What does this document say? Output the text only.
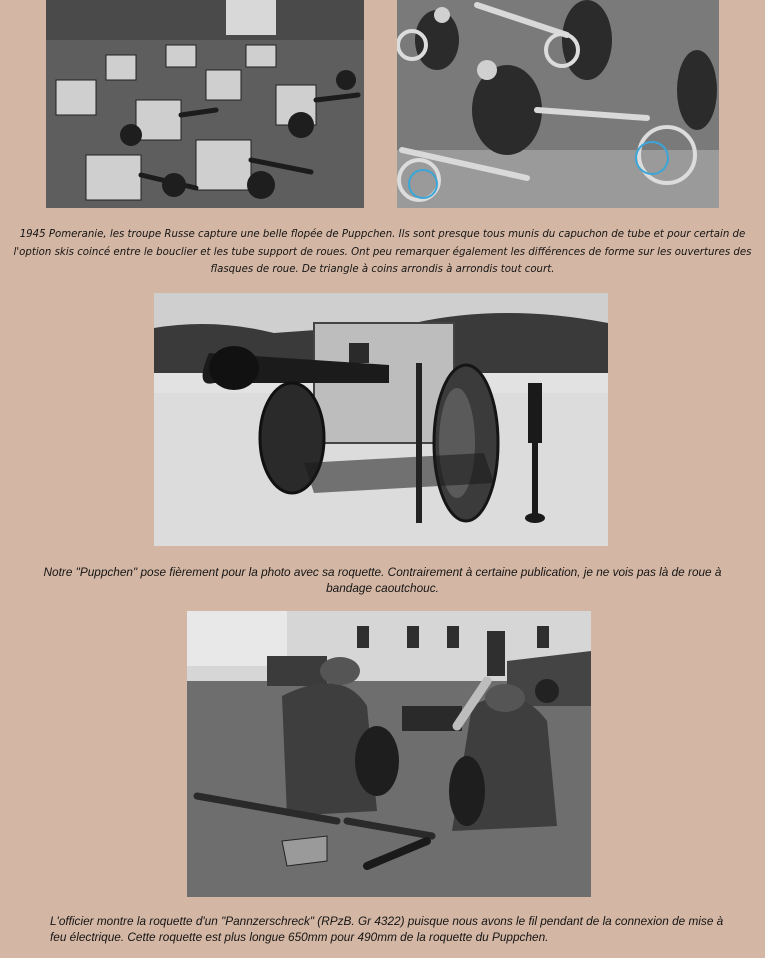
1945 Pomeranie, les troupe Russe capture une belle flopée de Puppchen. Ils sont presque tous munis du capuchon de tube et pour certain de l'option skis coincé entre le bouclier et les tube support de roues. Ont peu remarquer également les différences de forme sur les ouvertures des flasques de roue. De triangle à coins arrondis à arrondis tout court.
Notre "Puppchen" pose fièrement pour la photo avec sa roquette. Contrairement à certaine publication, je ne vois pas là de roue à bandage caoutchouc.
L'officier montre la roquette d'un "Pannzerschreck" (RPzB. Gr 4322) puisque nous avons le fil pendant de la connexion de mise à feu électrique. Cette roquette est plus longue 650mm pour 490mm de la roquette du Puppchen.
